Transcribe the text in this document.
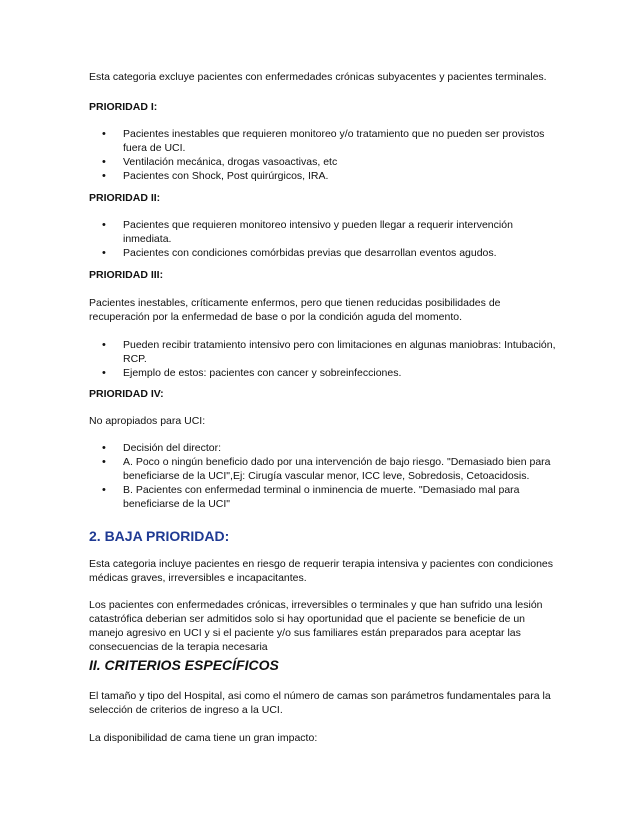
Esta categoria excluye pacientes con enfermedades crónicas subyacentes y pacientes terminales.

PRIORIDAD I:

• Pacientes inestables que requieren monitoreo y/o tratamiento que no pueden ser provistos fuera de UCI.
• Ventilación mecánica, drogas vasoactivas, etc
• Pacientes con Shock, Post quirúrgicos, IRA.

PRIORIDAD II:

• Pacientes que requieren monitoreo intensivo y pueden llegar a requerir intervención inmediata.
• Pacientes con condiciones comórbidas previas que desarrollan eventos agudos.

PRIORIDAD III:

Pacientes inestables, críticamente enfermos, pero que tienen reducidas posibilidades de recuperación por la enfermedad de base o por la condición aguda del momento.

• Pueden recibir tratamiento intensivo pero con limitaciones en algunas maniobras: Intubación, RCP.
• Ejemplo de estos: pacientes con cancer y sobreinfecciones.

PRIORIDAD IV:

No apropiados para UCI:

• Decisión del director:
• A. Poco o ningún beneficio dado por una intervención de bajo riesgo. "Demasiado bien para beneficiarse de la UCI",Ej: Cirugía vascular menor, ICC leve, Sobredosis, Cetoacidosis.
• B. Pacientes con enfermedad terminal o inminencia de muerte. "Demasiado mal para beneficiarse de la UCI"
2. BAJA PRIORIDAD:

Esta categoria incluye pacientes en riesgo de requerir terapia intensiva y pacientes con condiciones médicas graves, irreversibles e incapacitantes.

Los pacientes con enfermedades crónicas, irreversibles o terminales y que han sufrido una lesión catastrófica deberian ser admitidos solo si hay oportunidad que el paciente se beneficie de un manejo agresivo en UCI y si el paciente y/o sus familiares están preparados para aceptar las consecuencias de la terapia necesaria

II. CRITERIOS ESPECÍFICOS

El tamaño y tipo del Hospital, asi como el número de camas son parámetros fundamentales para la selección de criterios de ingreso a la UCI.

La disponibilidad de cama tiene un gran impacto:
